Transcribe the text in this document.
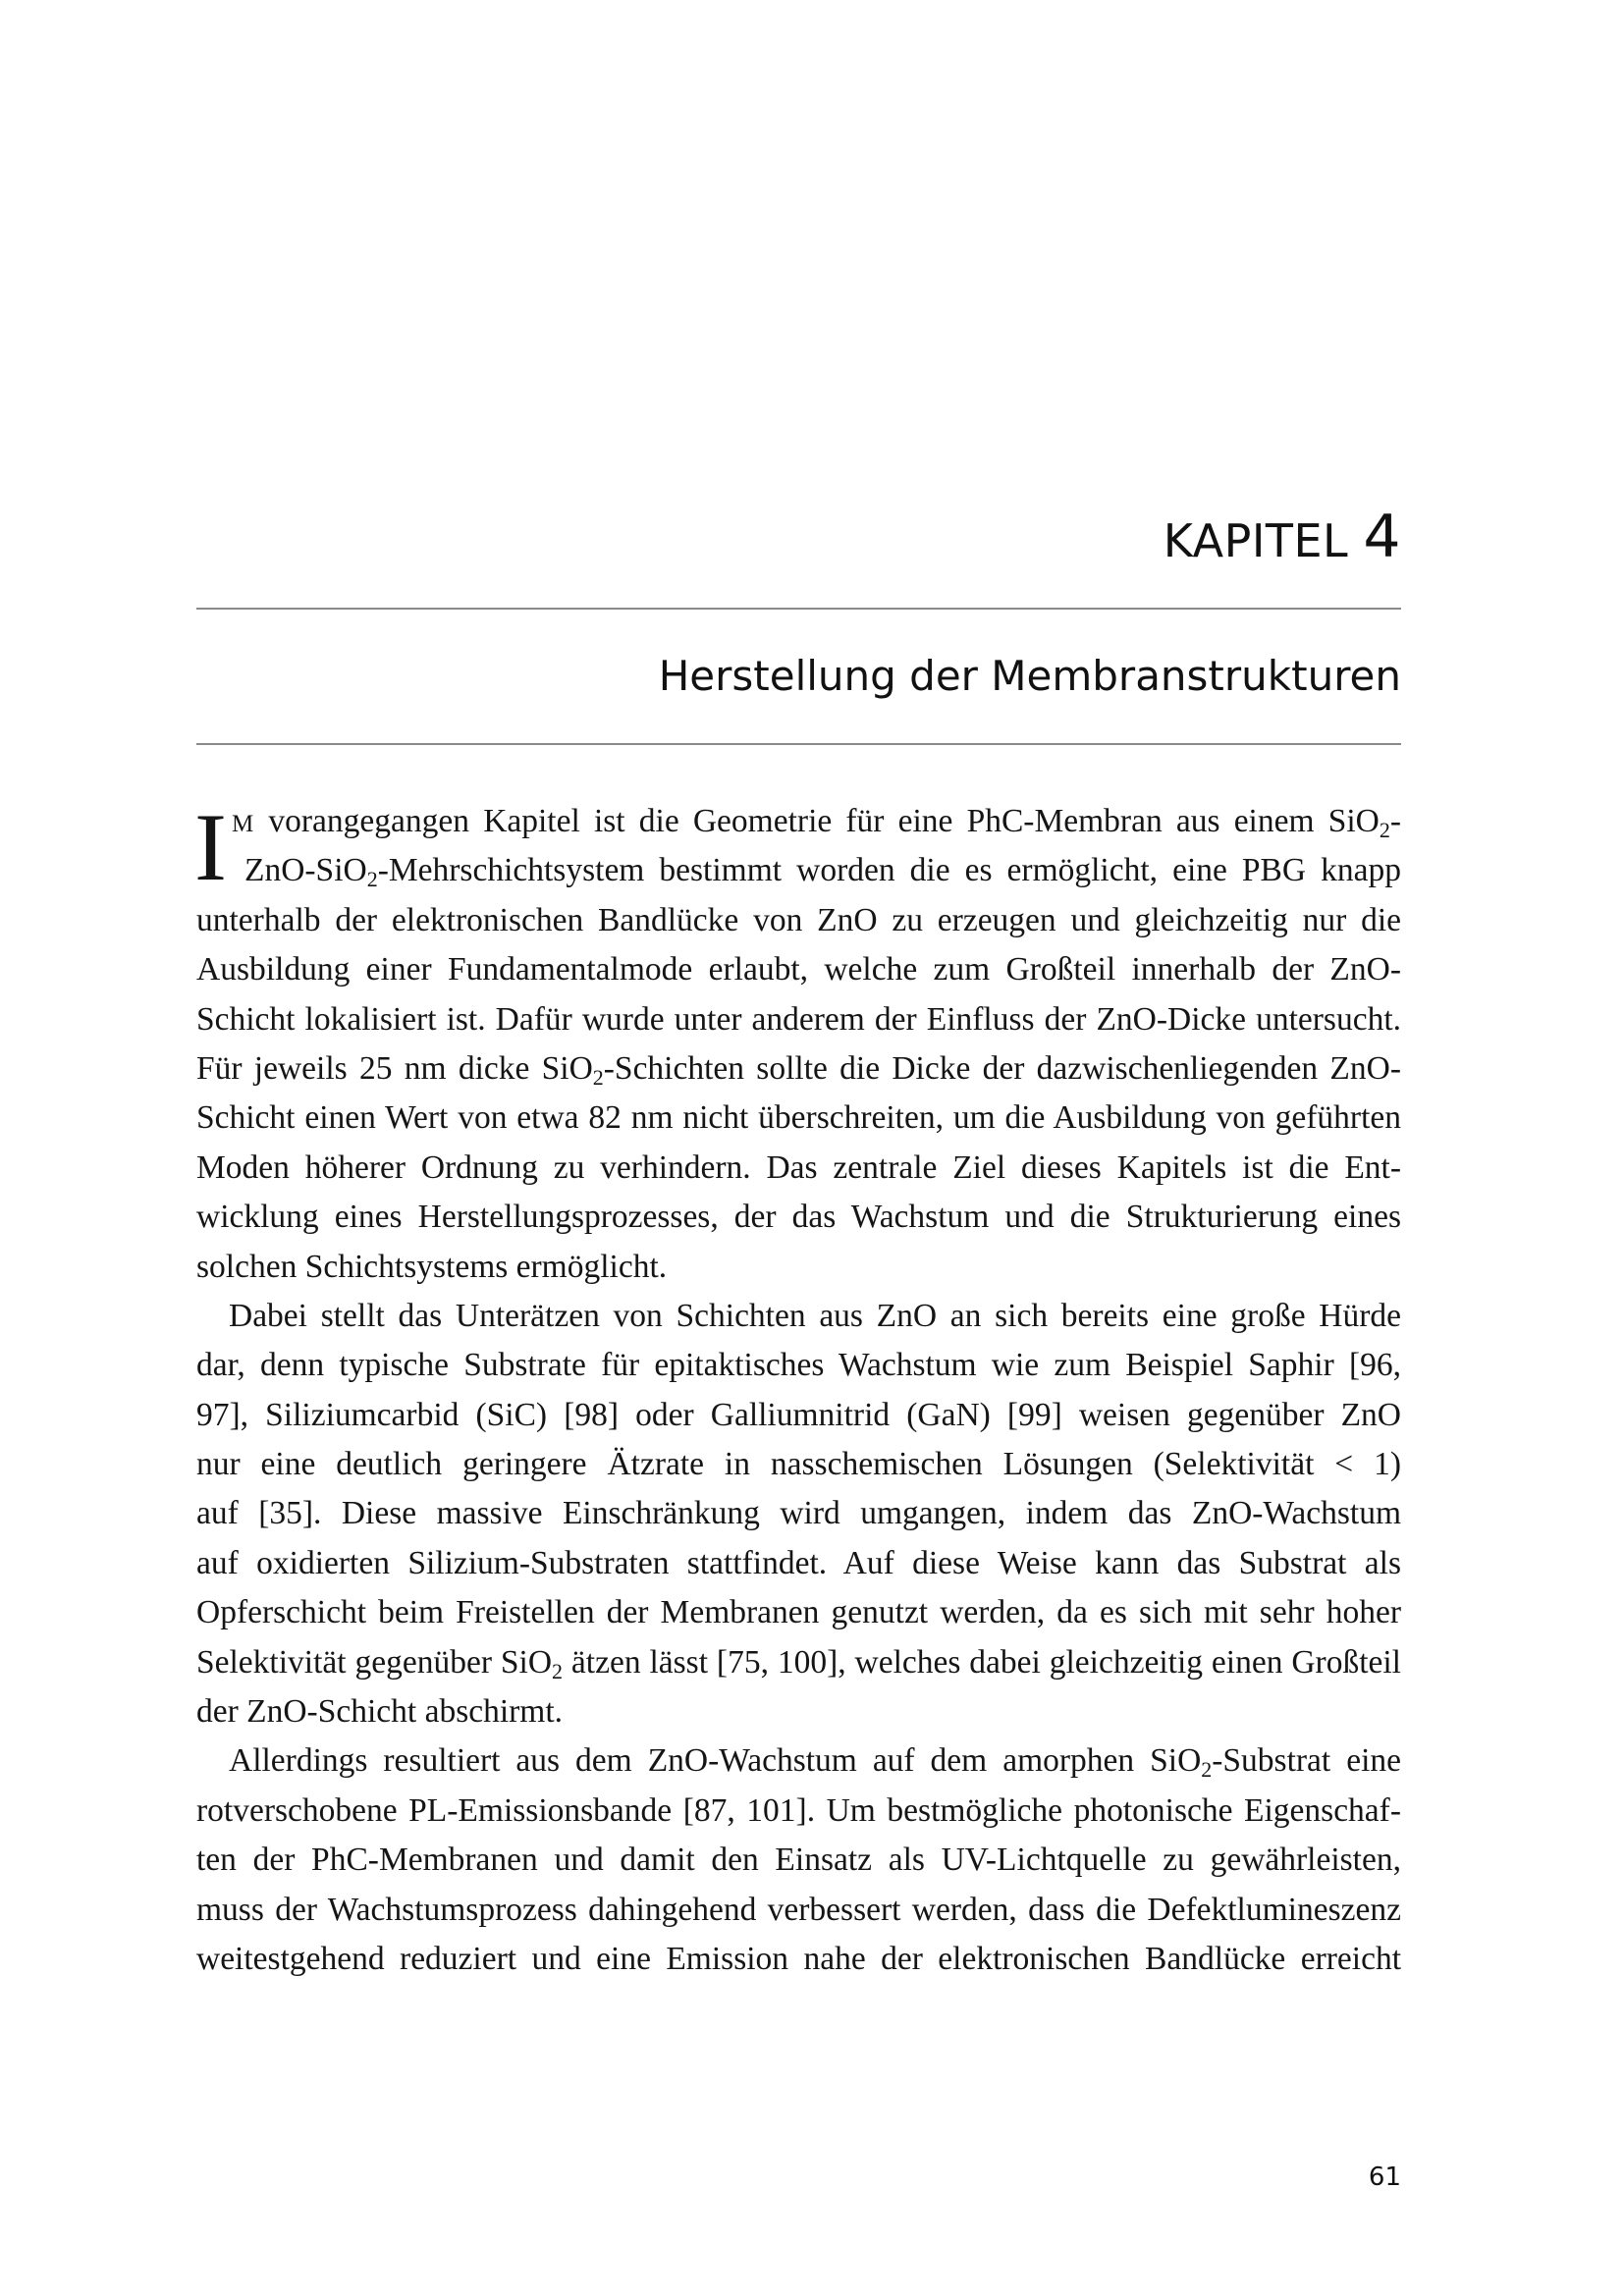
KAPITEL 4
Herstellung der Membranstrukturen
I M vorangegangen Kapitel ist die Geometrie für eine PhC-Membran aus einem SiO$_2$-
ZnO-SiO$_2$-Mehrschichtsystem bestimmt worden die es ermöglicht, eine PBG knapp
unterhalb der elektronischen Bandlücke von ZnO zu erzeugen und gleichzeitig nur die
Ausbildung einer Fundamentalmode erlaubt, welche zum Großteil innerhalb der ZnO-
Schicht lokalisiert ist. Dafür wurde unter anderem der Einfluss der ZnO-Dicke untersucht.
Für jeweils 25 nm dicke SiO$_2$-Schichten sollte die Dicke der dazwischenliegenden ZnO-
Schicht einen Wert von etwa 82 nm nicht überschreiten, um die Ausbildung von geführten
Moden höherer Ordnung zu verhindern. Das zentrale Ziel dieses Kapitels ist die Ent-
wicklung eines Herstellungsprozesses, der das Wachstum und die Strukturierung eines
solchen Schichtsystems ermöglicht.
Dabei stellt das Unterätzen von Schichten aus ZnO an sich bereits eine große Hürde
dar, denn typische Substrate für epitaktisches Wachstum wie zum Beispiel Saphir [96,
97], Siliziumcarbid (SiC) [98] oder Galliumnitrid (GaN) [99] weisen gegenüber ZnO
nur eine deutlich geringere Ätzrate in nasschemischen Lösungen (Selektivität < 1)
auf [35]. Diese massive Einschränkung wird umgangen, indem das ZnO-Wachstum
auf oxidierten Silizium-Substraten stattfindet. Auf diese Weise kann das Substrat als
Opferschicht beim Freistellen der Membranen genutzt werden, da es sich mit sehr hoher
Selektivität gegenüber SiO$_2$ ätzen lässt [75, 100], welches dabei gleichzeitig einen Großteil
der ZnO-Schicht abschirmt.
Allerdings resultiert aus dem ZnO-Wachstum auf dem amorphen SiO$_2$-Substrat eine
rotverschobene PL-Emissionsbande [87, 101]. Um bestmögliche photonische Eigenschaf-
ten der PhC-Membranen und damit den Einsatz als UV-Lichtquelle zu gewährleisten,
muss der Wachstumsprozess dahingehend verbessert werden, dass die Defektlumineszenz
weitestgehend reduziert und eine Emission nahe der elektronischen Bandlücke erreicht
61
